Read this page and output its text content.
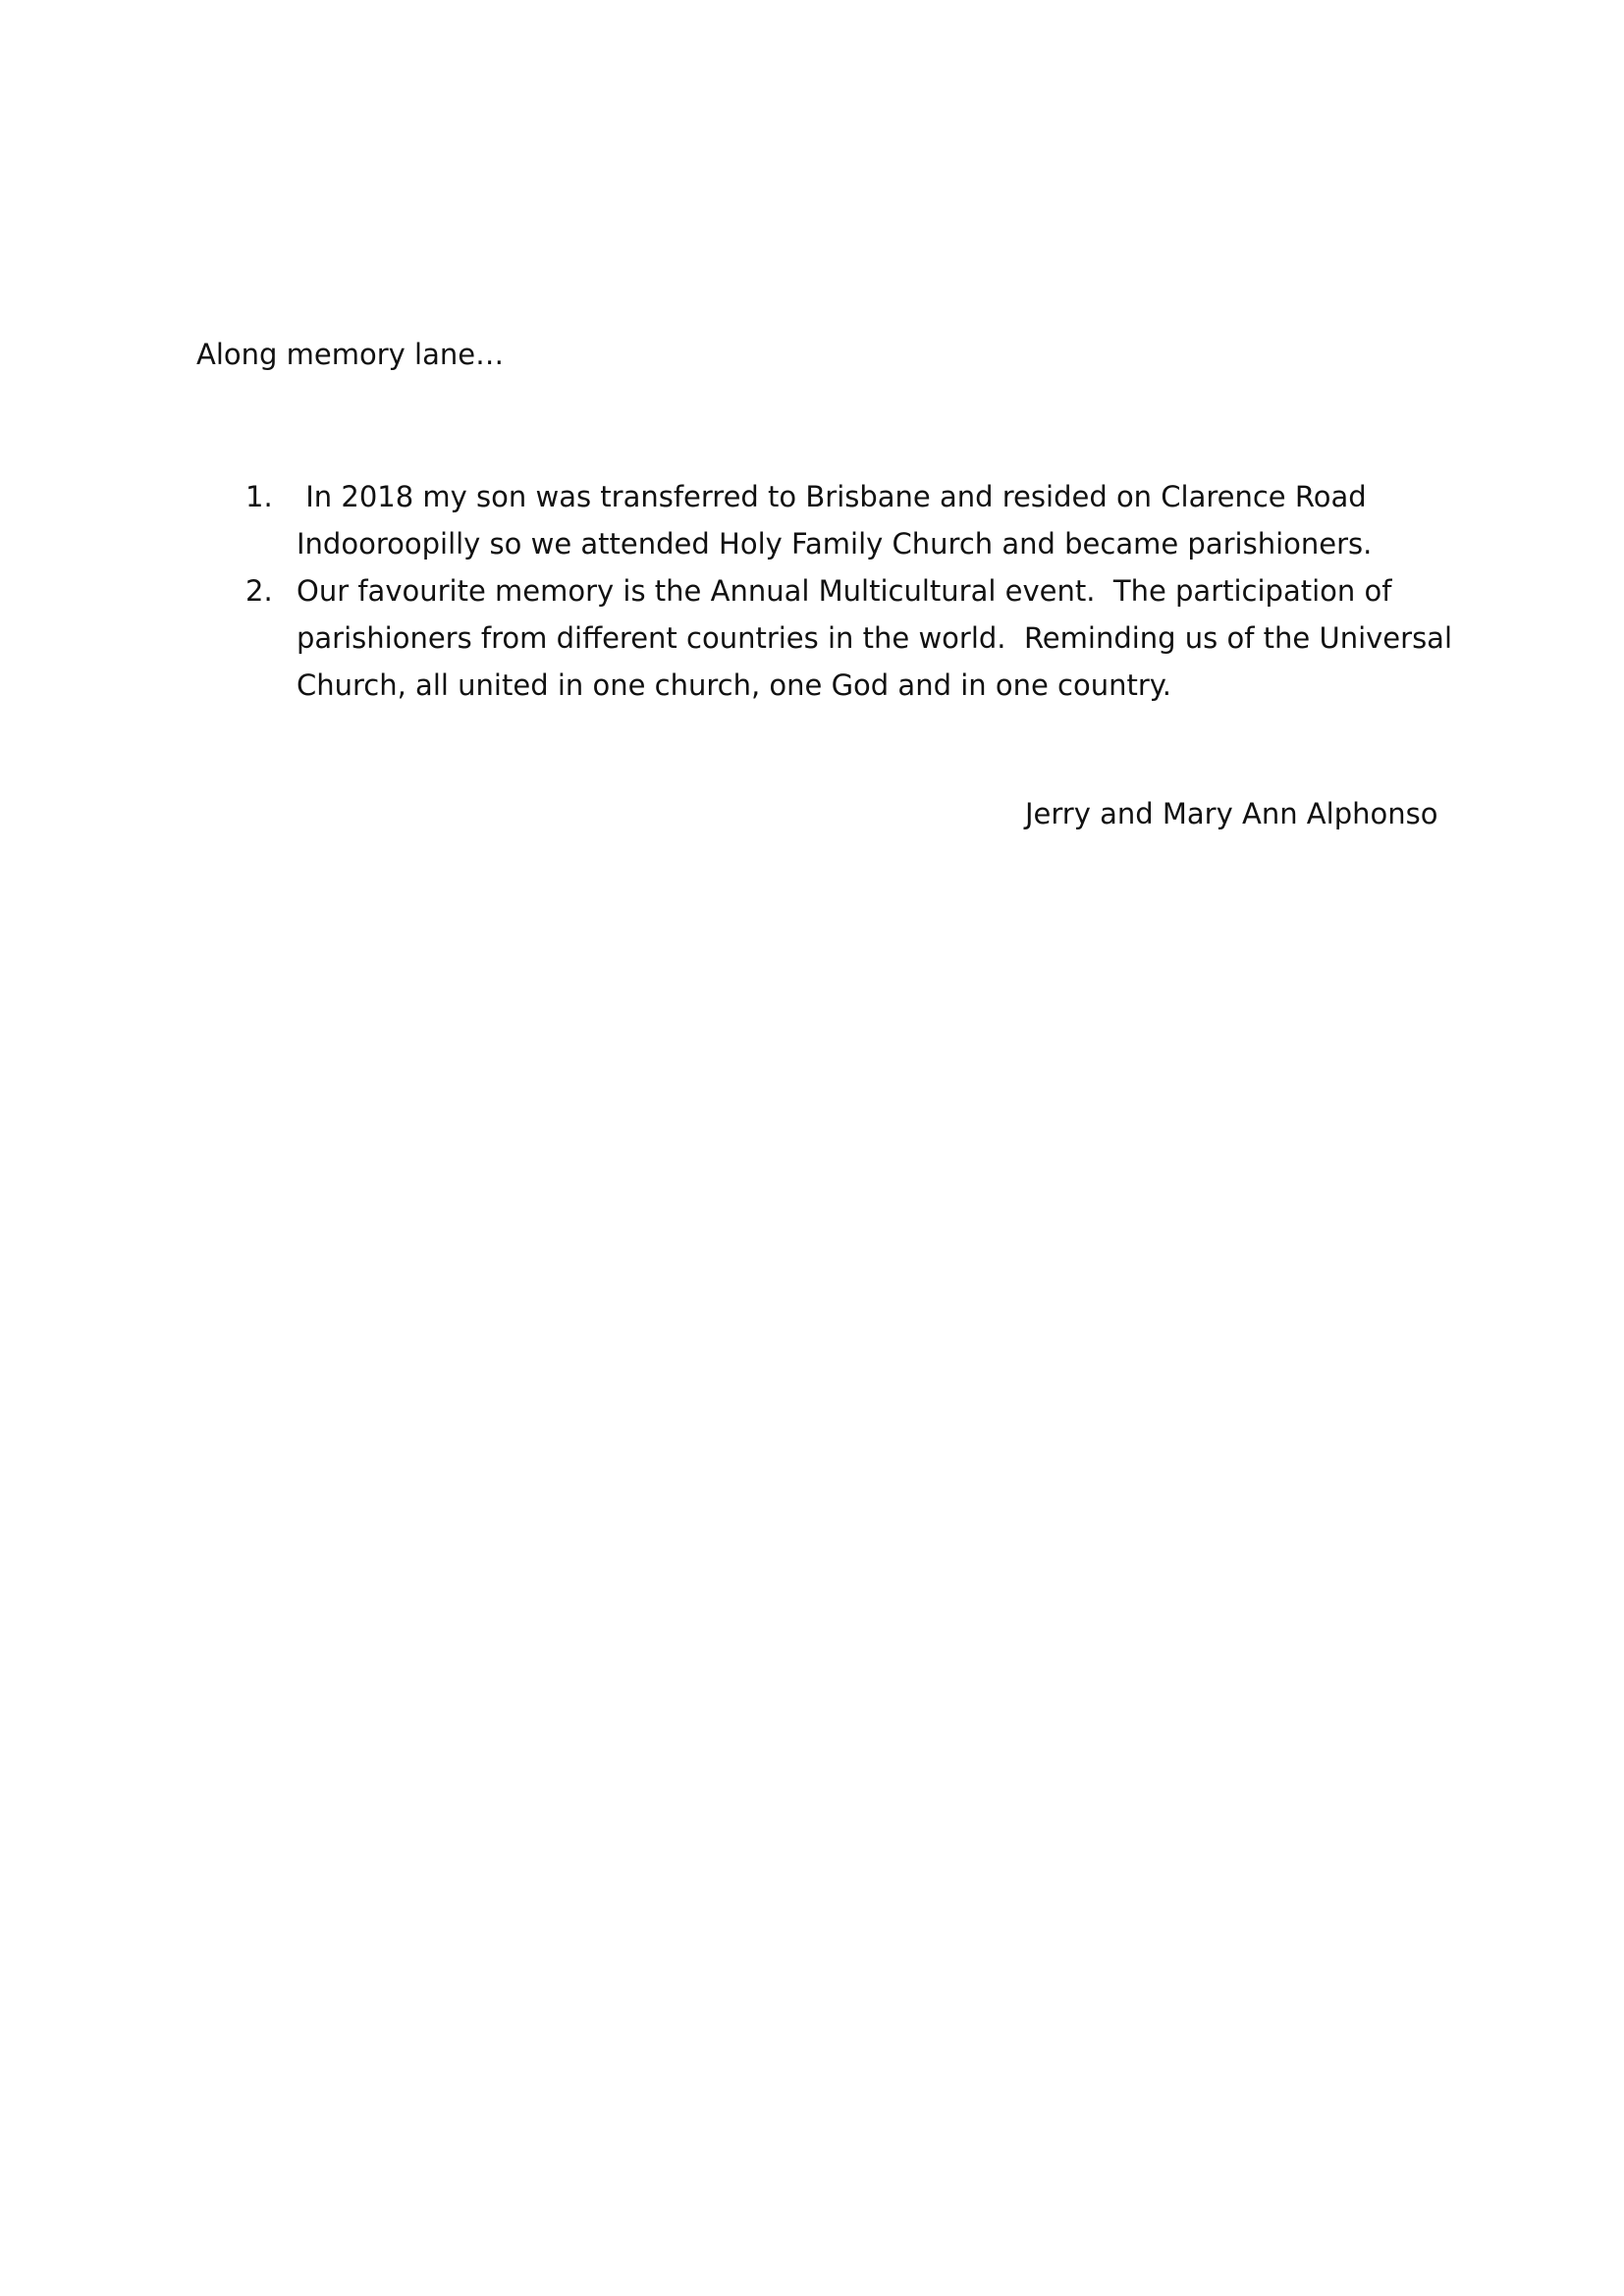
Along memory lane…
1. In 2018 my son was transferred to Brisbane and resided on Clarence Road
Indooroopilly so we attended Holy Family Church and became parishioners.
2. Our favourite memory is the Annual Multicultural event.  The participation of
parishioners from different countries in the world.  Reminding us of the Universal
Church, all united in one church, one God and in one country.
Jerry and Mary Ann Alphonso
